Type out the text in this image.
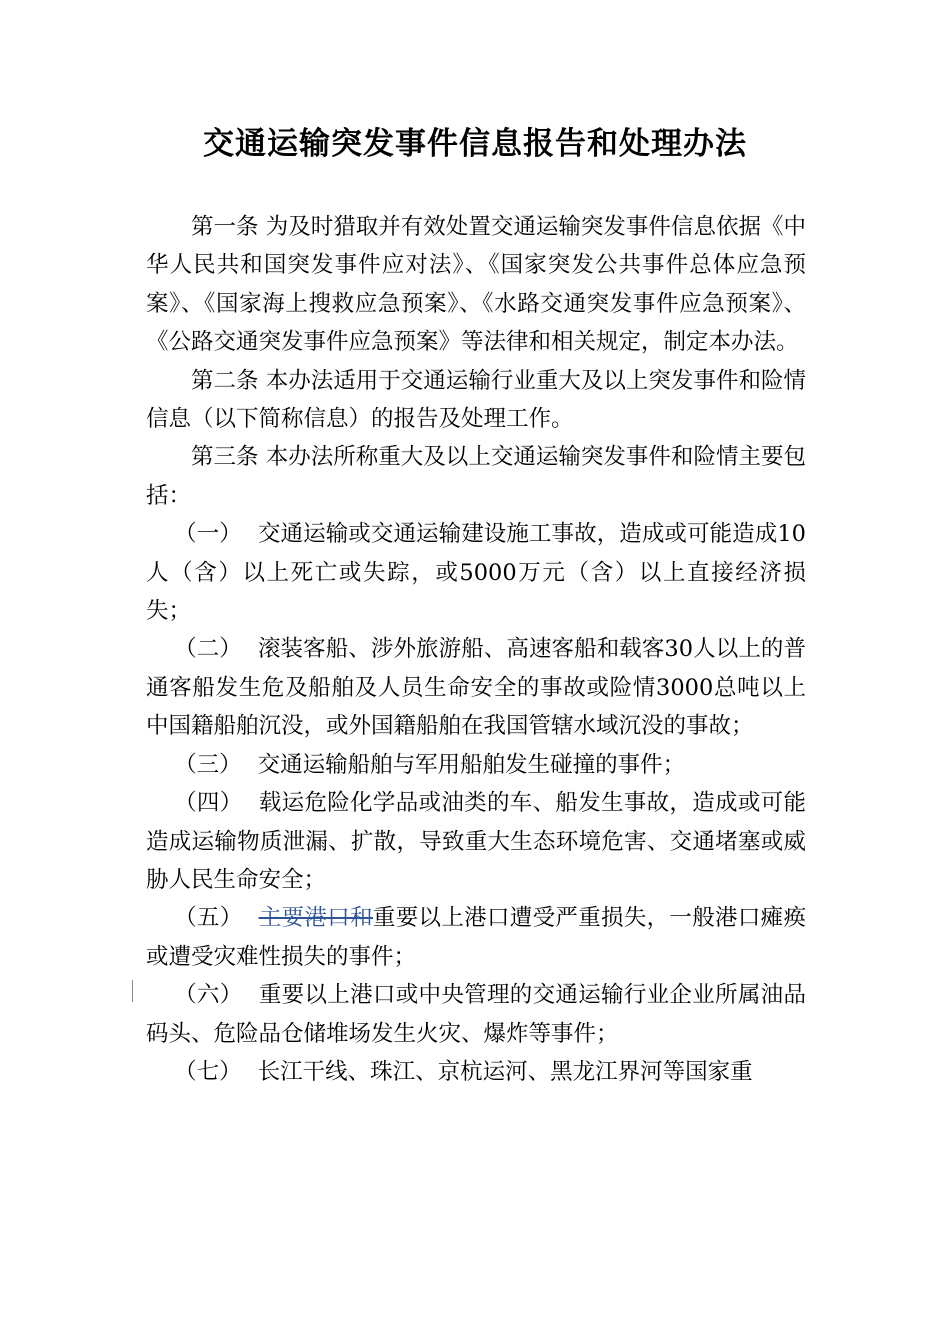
交通运输突发事件信息报告和处理办法

第一条 为及时猎取并有效处置交通运输突发事件信息依据《中华人民共和国突发事件应对法》、《国家突发公共事件总体应急预案》、《国家海上搜救应急预案》、《水路交通突发事件应急预案》、《公路交通突发事件应急预案》等法律和相关规定，制定本办法。

第二条 本办法适用于交通运输行业重大及以上突发事件和险情信息（以下简称信息）的报告及处理工作。

第三条 本办法所称重大及以上交通运输突发事件和险情主要包括：

（一） 交通运输或交通运输建设施工事故，造成或可能造成10人（含）以上死亡或失踪，或5000万元（含）以上直接经济损失；

（二） 滚装客船、涉外旅游船、高速客船和载客30人以上的普通客船发生危及船舶及人员生命安全的事故或险情3000总吨以上中国籍船舶沉没，或外国籍船舶在我国管辖水域沉没的事故；

（三） 交通运输船舶与军用船舶发生碰撞的事件；

（四） 载运危险化学品或油类的车、船发生事故，造成或可能造成运输物质泄漏、扩散，导致重大生态环境危害、交通堵塞或威胁人民生命安全；

（五） 主要港口和重要以上港口遭受严重损失，一般港口瘫痪或遭受灾难性损失的事件；

（六） 重要以上港口或中央管理的交通运输行业企业所属油品码头、危险品仓储堆场发生火灾、爆炸等事件；

（七） 长江干线、珠江、京杭运河、黑龙江界河等国家重
